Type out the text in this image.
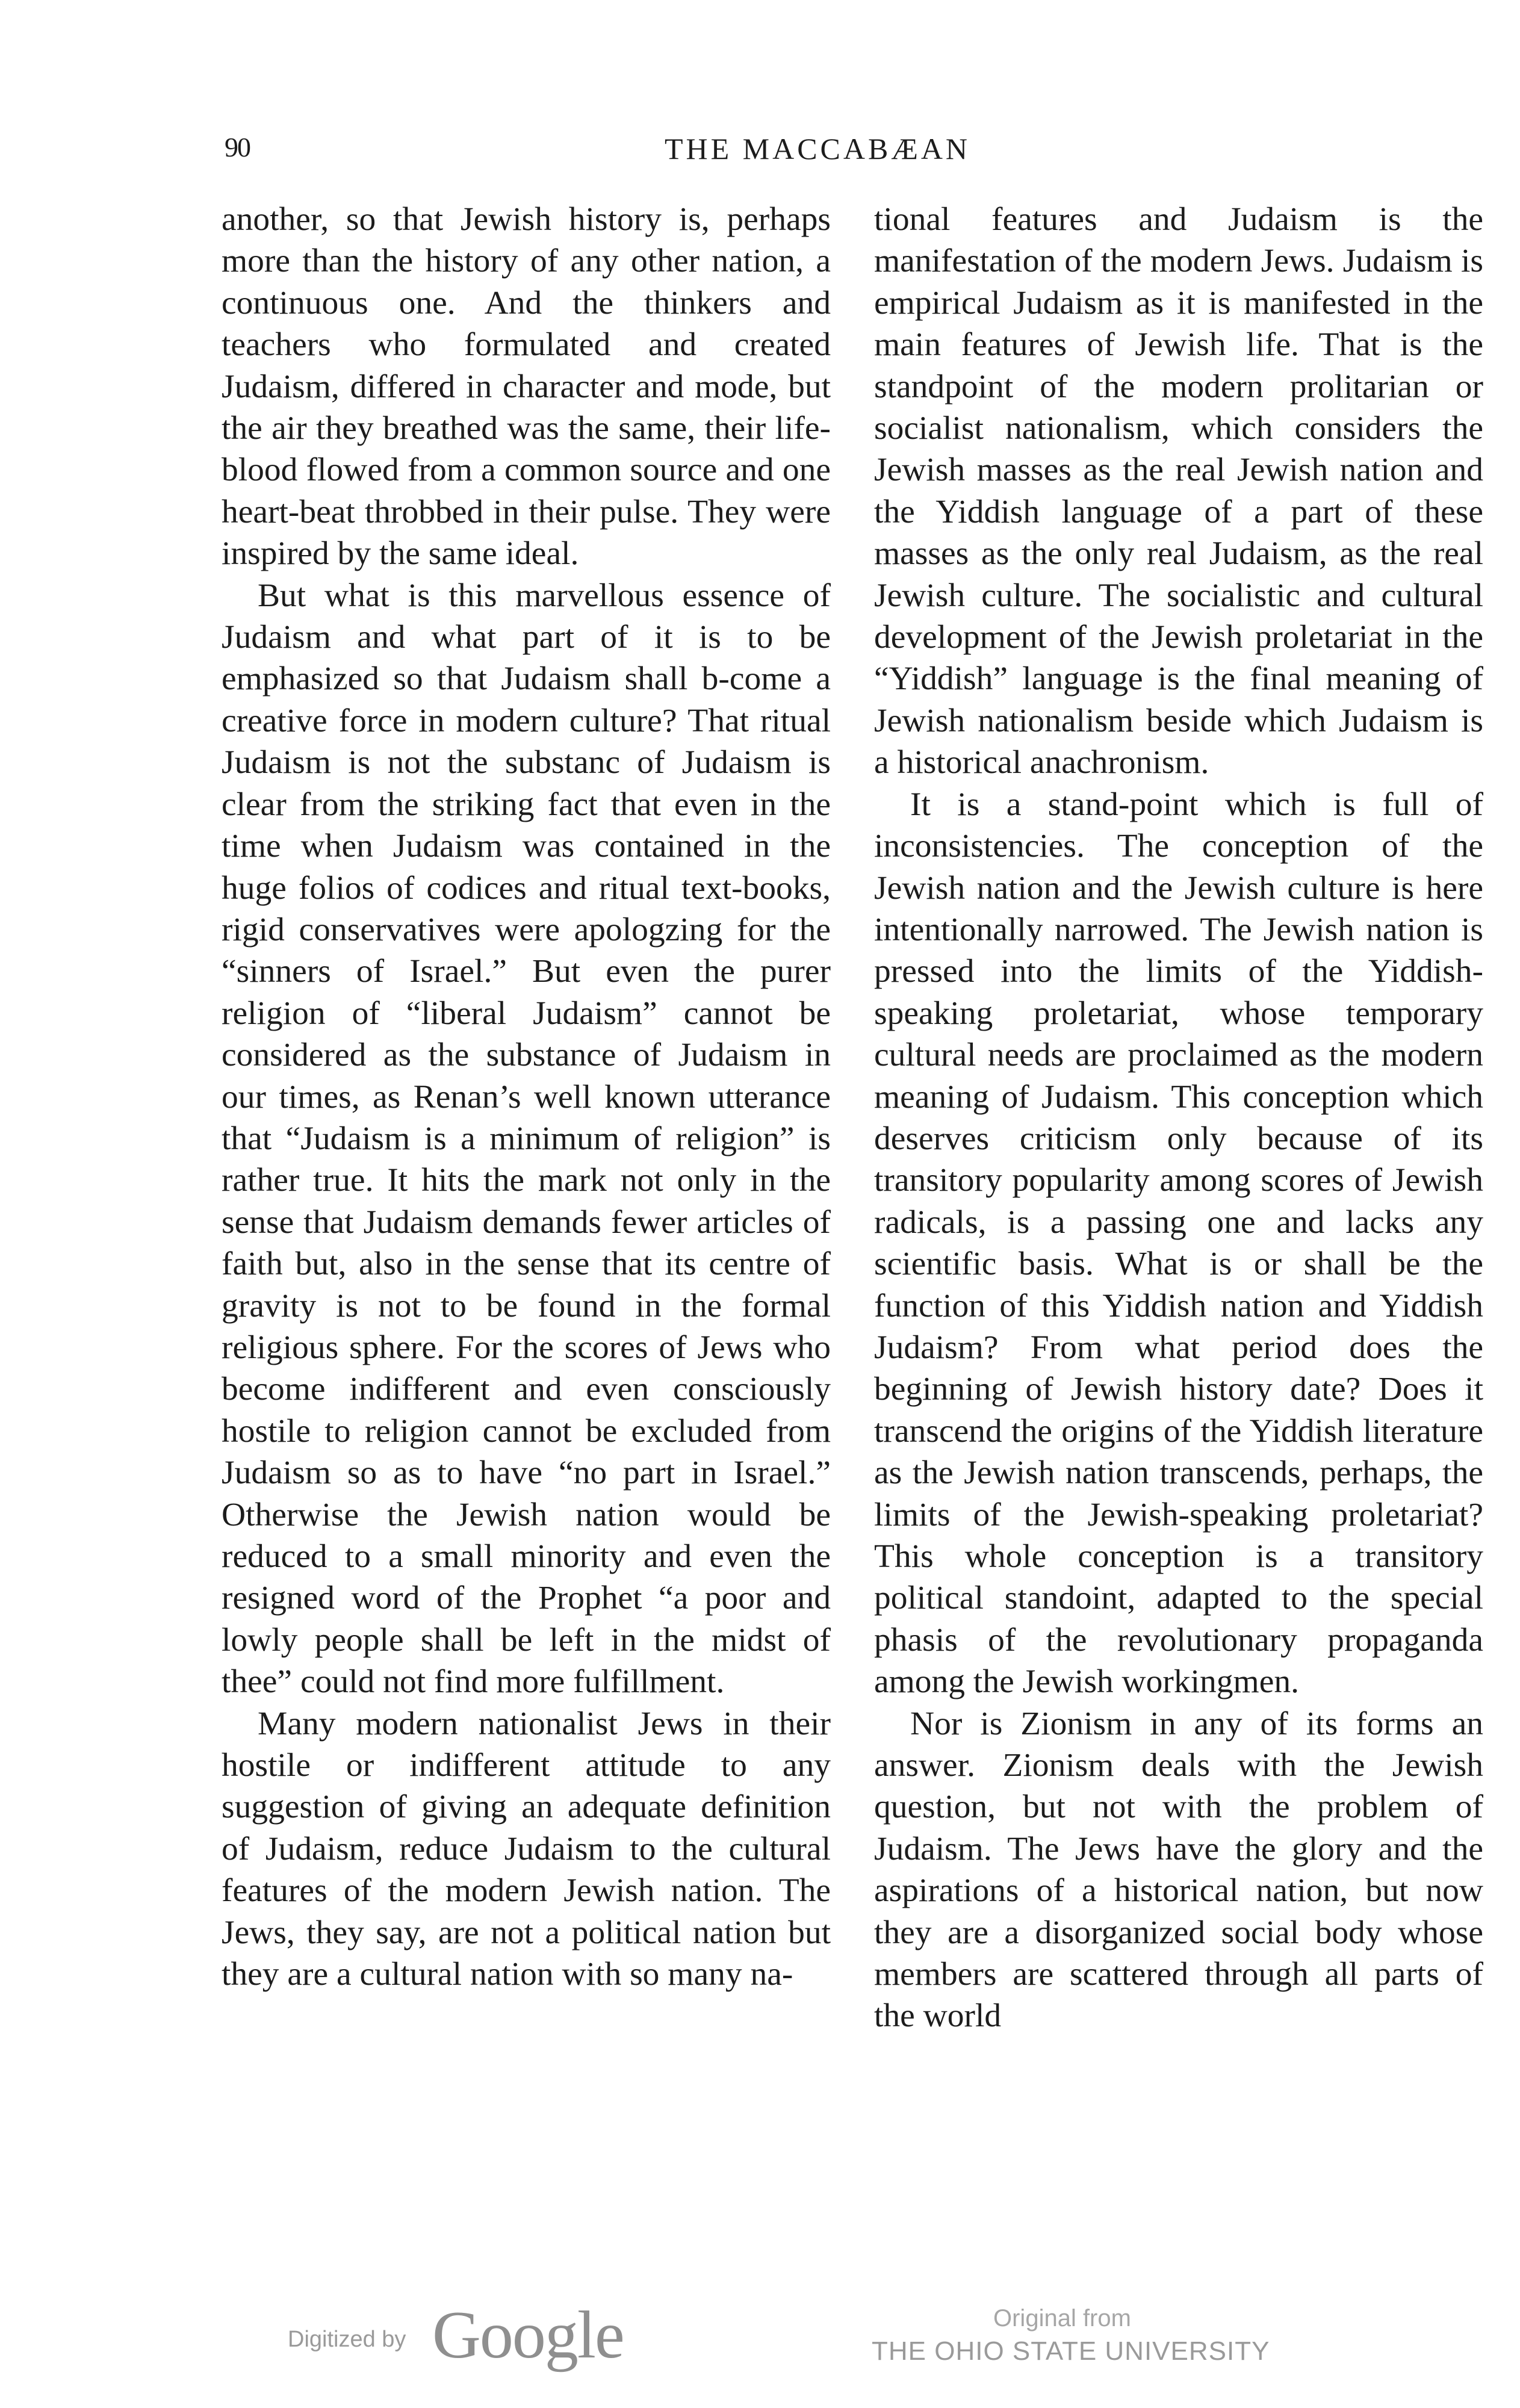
90	THE MACCABÆAN

another, so that Jewish history is, perhaps more than the history of any other nation, a continuous one. And the thinkers and teachers who formulated and created Judaism, differed in character and mode, but the air they breathed was the same, their life-blood flowed from a common source and one heart-beat throbbed in their pulse. They were inspired by the same ideal.

But what is this marvellous essence of Judaism and what part of it is to be emphasized so that Judaism shall b-come a creative force in modern culture? That ritual Judaism is not the substanc of Judaism is clear from the striking fact that even in the time when Judaism was contained in the huge folios of codices and ritual text-books, rigid conservatives were apologzing for the “sinners of Israel.” But even the purer religion of “liberal Judaism” cannot be considered as the substance of Judaism in our times, as Renan’s well known utterance that “Judaism is a minimum of religion” is rather true. It hits the mark not only in the sense that Judaism demands fewer articles of faith but, also in the sense that its centre of gravity is not to be found in the formal religious sphere. For the scores of Jews who become indifferent and even consciously hostile to religion cannot be excluded from Judaism so as to have “no part in Israel.” Otherwise the Jewish nation would be reduced to a small minority and even the resigned word of the Prophet “a poor and lowly people shall be left in the midst of thee” could not find more fulfillment.

Many modern nationalist Jews in their hostile or indifferent attitude to any suggestion of giving an adequate definition of Judaism, reduce Judaism to the cultural features of the modern Jewish nation. The Jews, they say, are not a political nation but they are a cultural nation with so many na-

tional features and Judaism is the manifestation of the modern Jews. Judaism is empirical Judaism as it is manifested in the main features of Jewish life. That is the standpoint of the modern prolitarian or socialist nationalism, which considers the Jewish masses as the real Jewish nation and the Yiddish language of a part of these masses as the only real Judaism, as the real Jewish culture. The socialistic and cultural development of the Jewish proletariat in the “Yiddish” language is the final meaning of Jewish nationalism beside which Judaism is a historical anachronism.

It is a stand-point which is full of inconsistencies. The conception of the Jewish nation and the Jewish culture is here intentionally narrowed. The Jewish nation is pressed into the limits of the Yiddish-speaking proletariat, whose temporary cultural needs are proclaimed as the modern meaning of Judaism. This conception which deserves criticism only because of its transitory popularity among scores of Jewish radicals, is a passing one and lacks any scientific basis. What is or shall be the function of this Yiddish nation and Yiddish Judaism? From what period does the beginning of Jewish history date? Does it transcend the origins of the Yiddish literature as the Jewish nation transcends, perhaps, the limits of the Jewish-speaking proletariat? This whole conception is a transitory political standoint, adapted to the special phasis of the revolutionary propaganda among the Jewish workingmen.

Nor is Zionism in any of its forms an answer. Zionism deals with the Jewish question, but not with the problem of Judaism. The Jews have the glory and the aspirations of a historical nation, but now they are a disorganized social body whose members are scattered through all parts of the world

Digitized by Google	Original from
THE OHIO STATE UNIVERSITY
